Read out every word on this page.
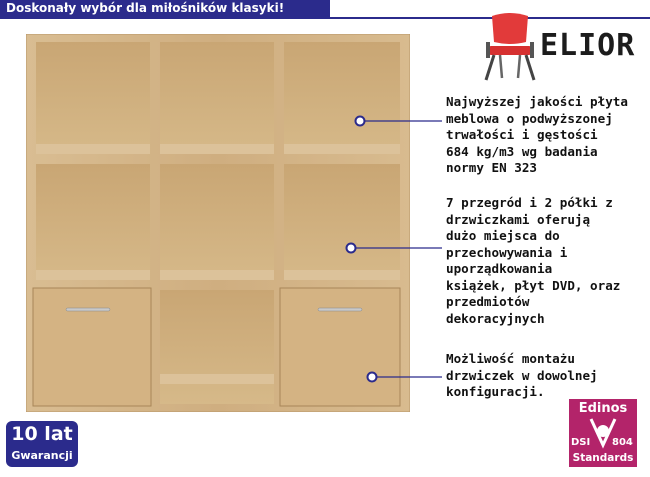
Doskonały wybór dla miłośników klasyki!
ELIOR
Najwyższej jakości płyta
meblowa o podwyższonej
trwałości i gęstości
684 kg/m3 wg badania
normy EN 323
7 przegród i 2 półki z
drzwiczkami oferują
dużo miejsca do
przechowywania i
uporządkowania
książek, płyt DVD, oraz
przedmiotów
dekoracyjnych
Możliwość montażu
drzwiczek w dowolnej
konfiguracji.
10 lat
Gwarancji
Edinos
DSI 804
Standards
